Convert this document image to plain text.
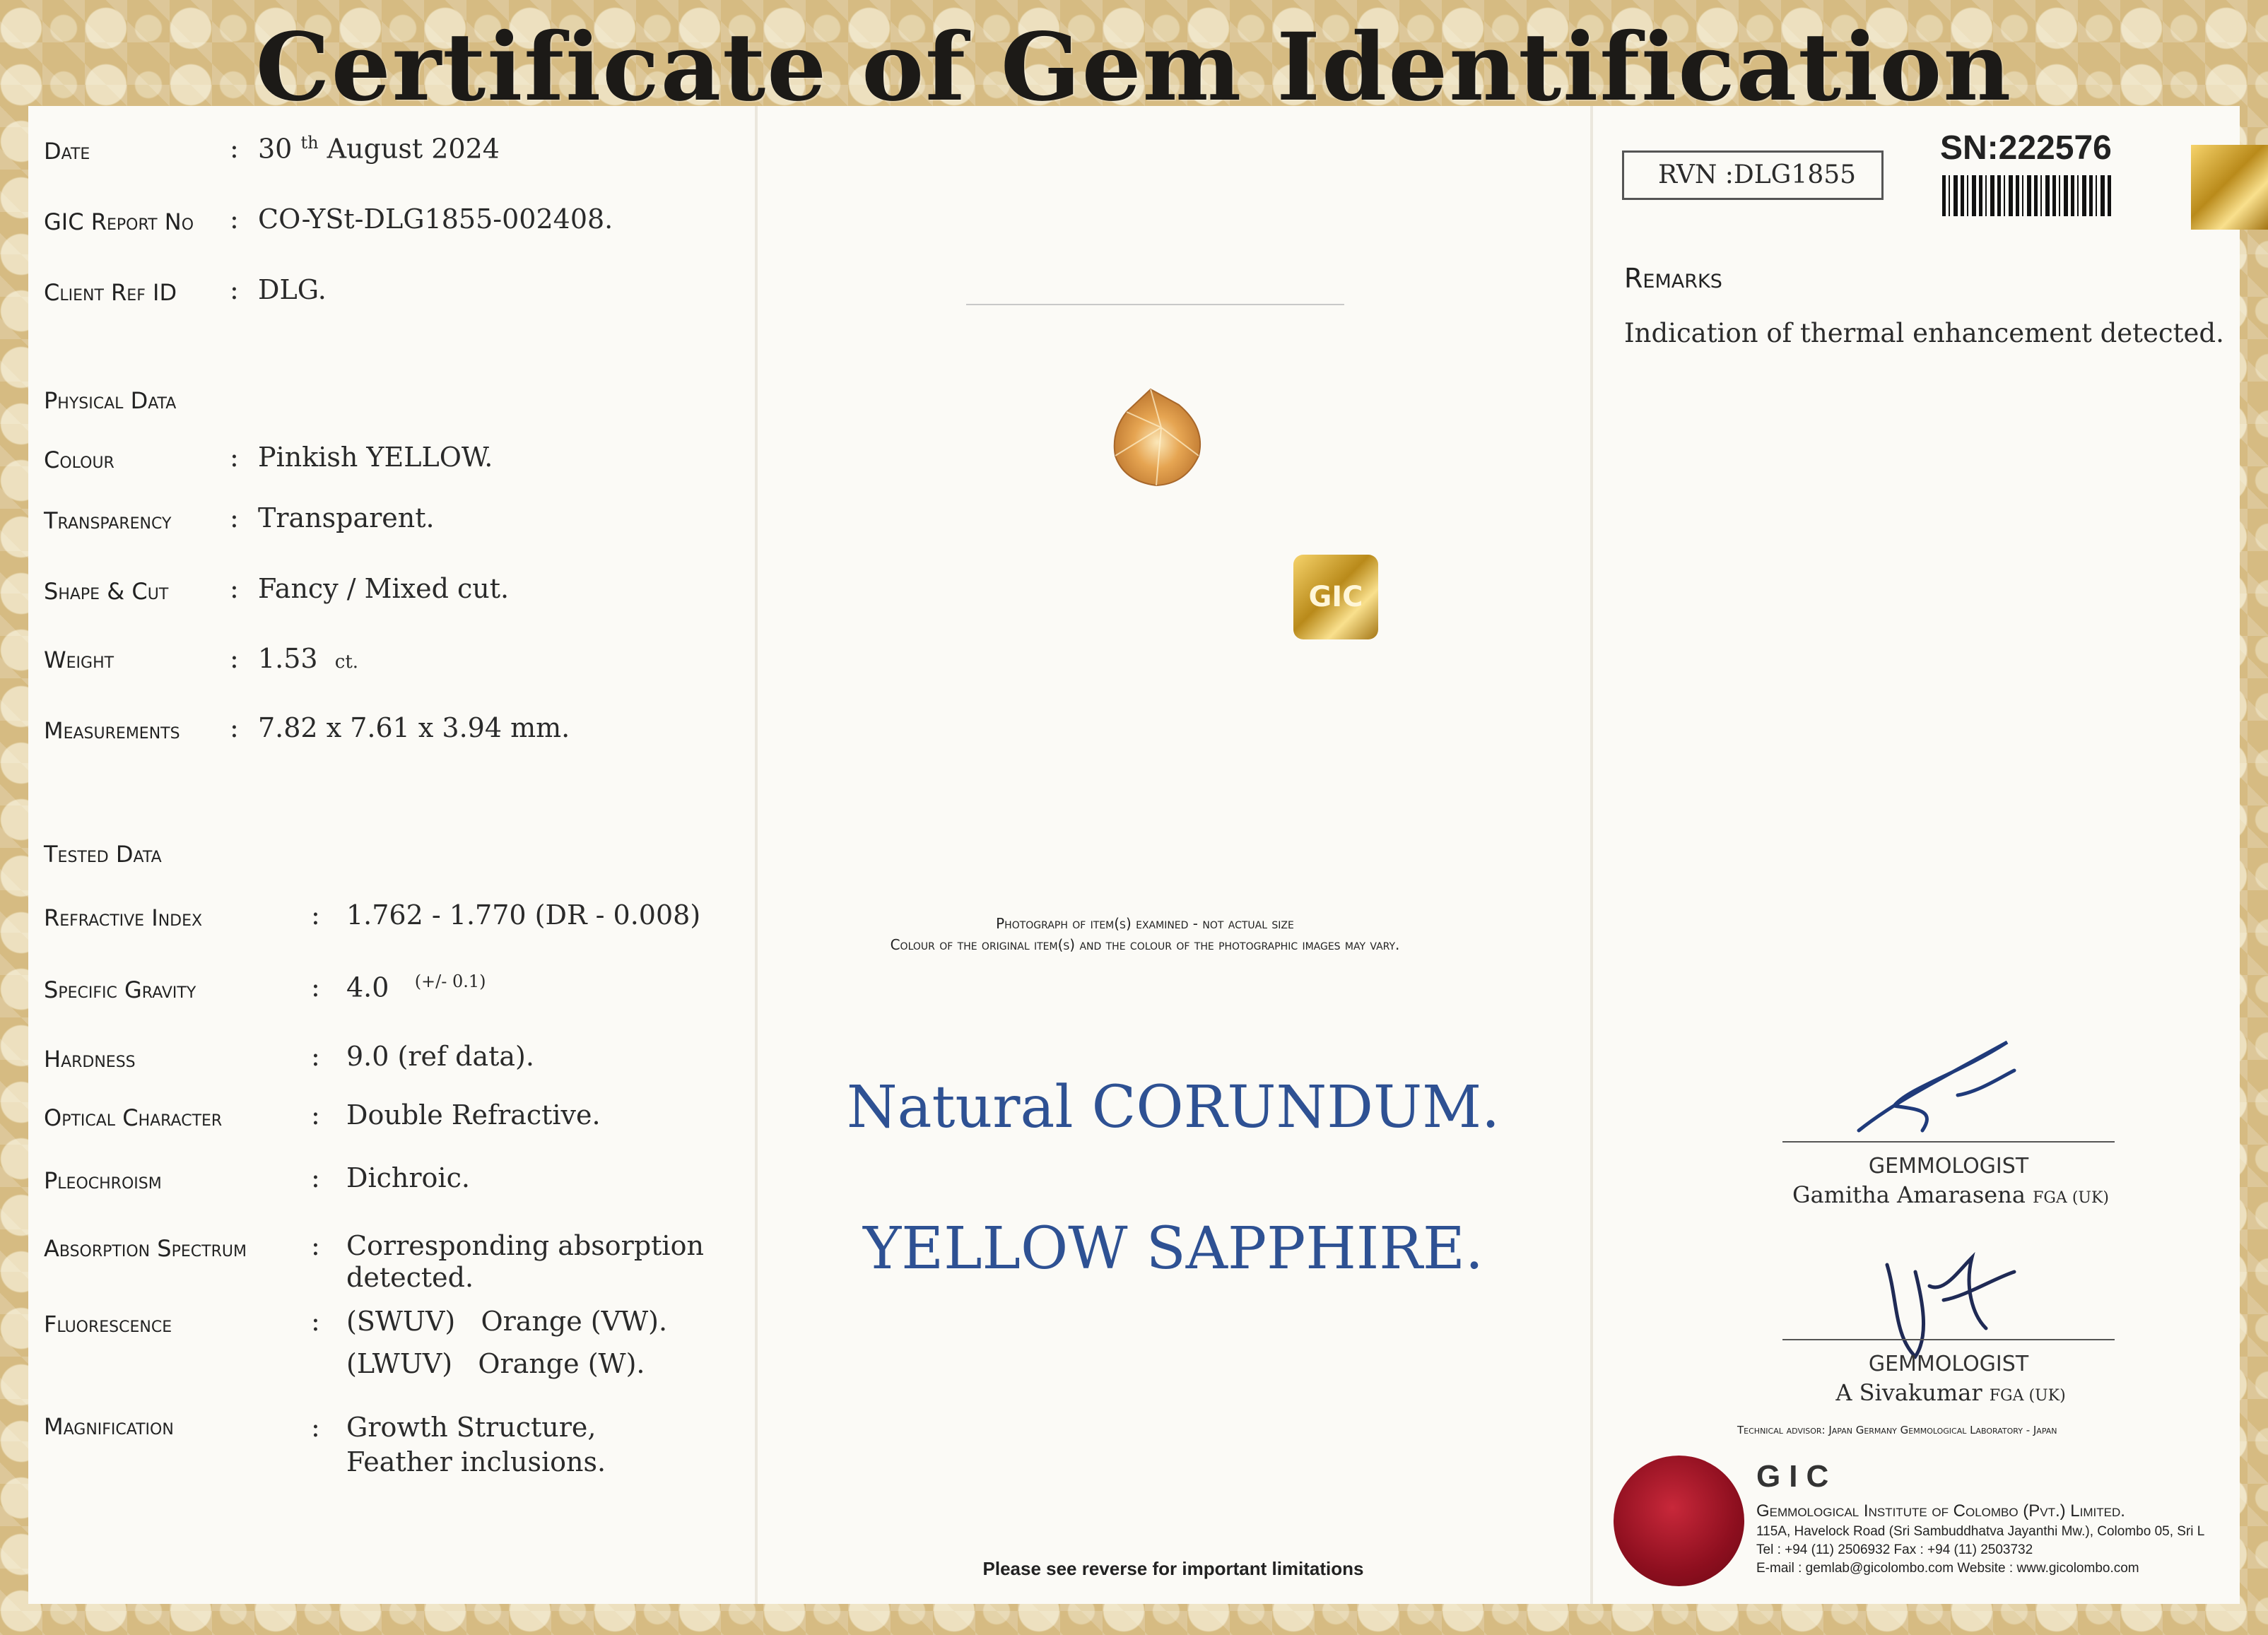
Certificate of Gem Identification
Date	: 30 $^{th}$ August 2024
GIC Report No : CO-YSt-DLG1855-002408.
Client Ref ID : DLG.
Physical Data
Colour	: Pinkish YELLOW.
Transparency : Transparent.
Shape & Cut : Fancy / Mixed cut.
Weight	: 1.53 ct.
Measurements : 7.82 x 7.61 x 3.94 mm.
Tested Data
Refractive Index	: 1.762 - 1.770 (DR - 0.008)
Specific Gravity	: 4.0 $^{(+/- 0.1)}$
Hardness	: 9.0 (ref data).
Optical Character	: Double Refractive.
Pleochroism	: Dichroic.
Absorption Spectrum : Corresponding absorption
detected.
Fluorescence	: (SWUV) Orange (VW).
(LWUV) Orange (W).
Magnification	: Growth Structure,
Feather inclusions.
GIC
Photograph of item(s) examined - not actual size
Colour of the original item(s) and the colour of the photographic images may vary.
Natural CORUNDUM.
YELLOW SAPPHIRE.
Please see reverse for important limitations
RVN :DLG1855
SN:222576
Remarks
Indication of thermal enhancement detected.
GEMMOLOGIST
Gamitha Amarasena FGA (UK)
GEMMOLOGIST
A Sivakumar FGA (UK)
Technical advisor: Japan Germany Gemmological Laboratory - Japan
GIC
Gemmological Institute of Colombo (Pvt.) Limited.
115A, Havelock Road (Sri Sambuddhatva Jayanthi Mw.), Colombo 05, Sri L
Tel : +94 (11) 2506932 Fax : +94 (11) 2503732
E-mail : gemlab@gicolombo.com Website : www.gicolombo.com
